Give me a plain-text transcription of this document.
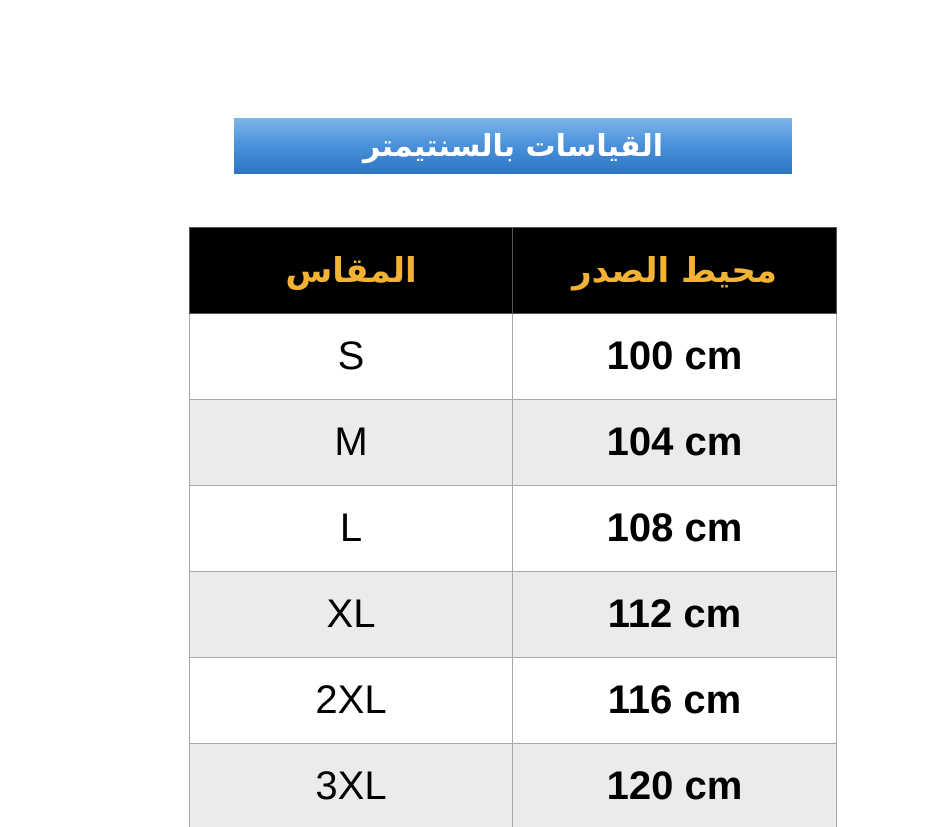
القياسات بالسنتيمتر
المقاس	محيط الصدر
S	100 cm
M	104 cm
L	108 cm
XL	112 cm
2XL	116 cm
3XL	120 cm
